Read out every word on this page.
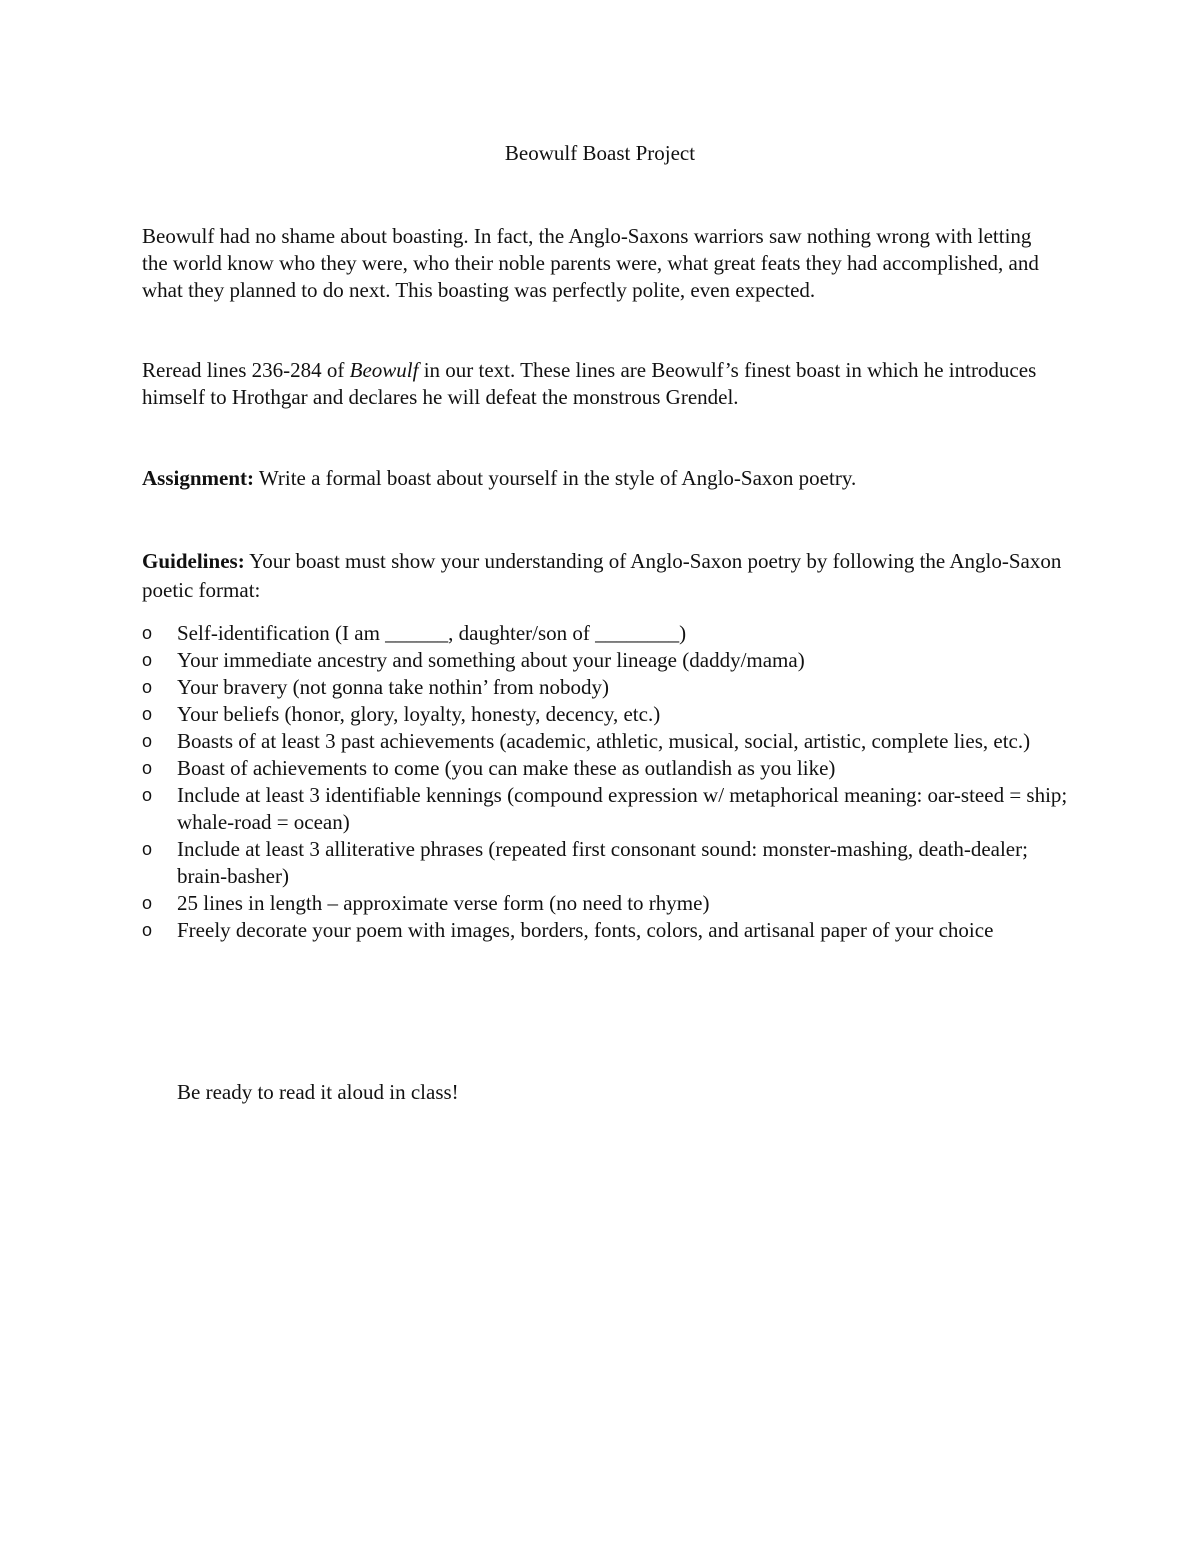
Beowulf Boast Project

Beowulf had no shame about boasting. In fact, the Anglo-Saxons warriors saw nothing wrong with letting the world know who they were, who their noble parents were, what great feats they had accomplished, and what they planned to do next. This boasting was perfectly polite, even expected.

Reread lines 236-284 of Beowulf in our text. These lines are Beowulf’s finest boast in which he introduces himself to Hrothgar and declares he will defeat the monstrous Grendel.

Assignment: Write a formal boast about yourself in the style of Anglo-Saxon poetry.

Guidelines: Your boast must show your understanding of Anglo-Saxon poetry by following the Anglo-Saxon poetic format:

o Self-identification (I am ______, daughter/son of ________)
o Your immediate ancestry and something about your lineage (daddy/mama)
o Your bravery (not gonna take nothin’ from nobody)
o Your beliefs (honor, glory, loyalty, honesty, decency, etc.)
o Boasts of at least 3 past achievements (academic, athletic, musical, social, artistic, complete lies, etc.)
o Boast of achievements to come (you can make these as outlandish as you like)
o Include at least 3 identifiable kennings (compound expression w/ metaphorical meaning: oar-steed = ship; whale-road = ocean)
o Include at least 3 alliterative phrases (repeated first consonant sound: monster-mashing, death-dealer; brain-basher)
o 25 lines in length – approximate verse form (no need to rhyme)
o Freely decorate your poem with images, borders, fonts, colors, and artisanal paper of your choice
Be ready to read it aloud in class!
